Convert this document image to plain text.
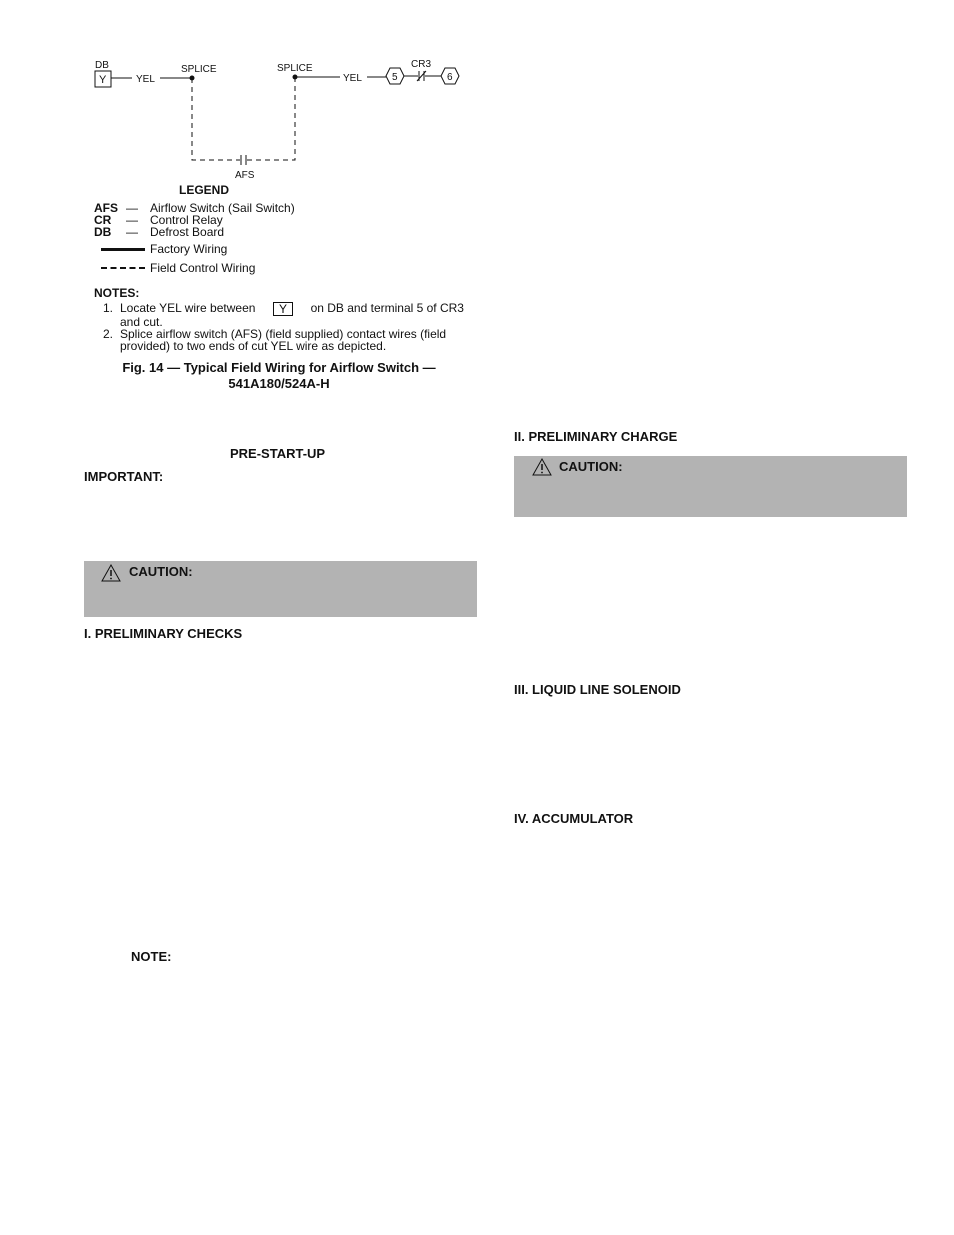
DB
Y	YEL
SPLICE
AFS
SPLICE
YEL	5
CR3
6
LEGEND
AFS — Airflow Switch (Sail Switch)
CR — Control Relay
DB — Defrost Board
Factory Wiring
Field Control Wiring
NOTES:
1. Locate YEL wire between	Y	on DB and terminal 5 of CR3
and cut.
2. Splice airflow switch (AFS) (field supplied) contact wires (field
provided) to two ends of cut YEL wire as depicted.
Fig. 14 — Typical Field Wiring for Airflow Switch —
541A180/524A-H
PRE-START-UP
IMPORTANT:
CAUTION:
I. PRELIMINARY CHECKS
NOTE:
II. PRELIMINARY CHARGE
CAUTION:
III. LIQUID LINE SOLENOID
IV. ACCUMULATOR
